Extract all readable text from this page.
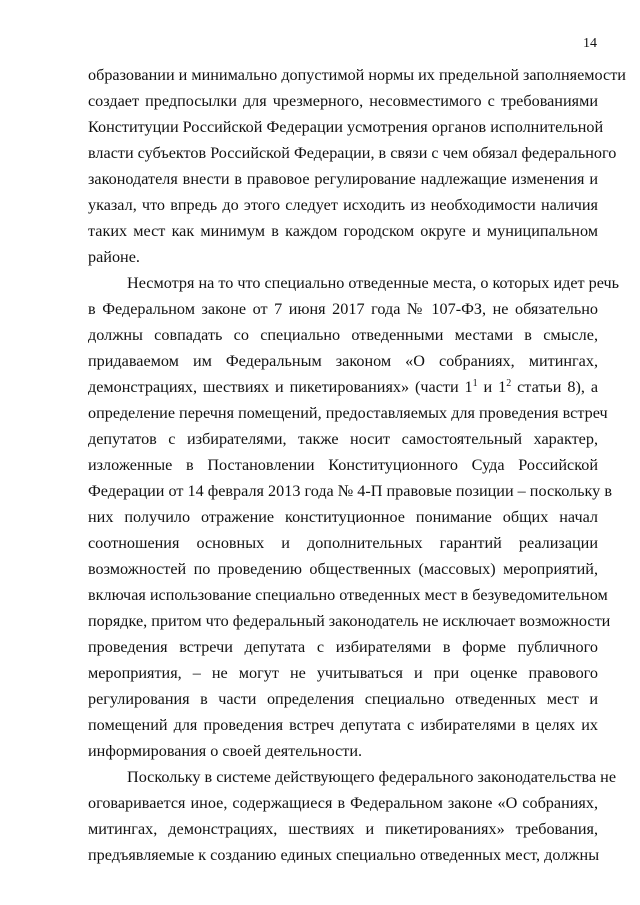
14
образовании и минимально допустимой нормы их предельной заполняемости
создает предпосылки для чрезмерного, несовместимого с требованиями
Конституции Российской Федерации усмотрения органов исполнительной
власти субъектов Российской Федерации, в связи с чем обязал федерального
законодателя внести в правовое регулирование надлежащие изменения и
указал, что впредь до этого следует исходить из необходимости наличия
таких мест как минимум в каждом городском округе и муниципальном
районе.
Несмотря на то что специально отведенные места, о которых идет речь
в Федеральном законе от 7 июня 2017 года № 107-ФЗ, не обязательно
должны совпадать со специально отведенными местами в смысле,
придаваемом им Федеральным законом «О собраниях, митингах,
демонстрациях, шествиях и пикетированиях» (части $1^1$ и $1^2$ статьи 8), а
определение перечня помещений, предоставляемых для проведения встреч
депутатов с избирателями, также носит самостоятельный характер,
изложенные в Постановлении Конституционного Суда Российской
Федерации от 14 февраля 2013 года № 4-П правовые позиции – поскольку в
них получило отражение конституционное понимание общих начал
соотношения основных и дополнительных гарантий реализации
возможностей по проведению общественных (массовых) мероприятий,
включая использование специально отведенных мест в безуведомительном
порядке, притом что федеральный законодатель не исключает возможности
проведения встречи депутата с избирателями в форме публичного
мероприятия, – не могут не учитываться и при оценке правового
регулирования в части определения специально отведенных мест и
помещений для проведения встреч депутата с избирателями в целях их
информирования о своей деятельности.
Поскольку в системе действующего федерального законодательства не
оговаривается иное, содержащиеся в Федеральном законе «О собраниях,
митингах, демонстрациях, шествиях и пикетированиях» требования,
предъявляемые к созданию единых специально отведенных мест, должны
